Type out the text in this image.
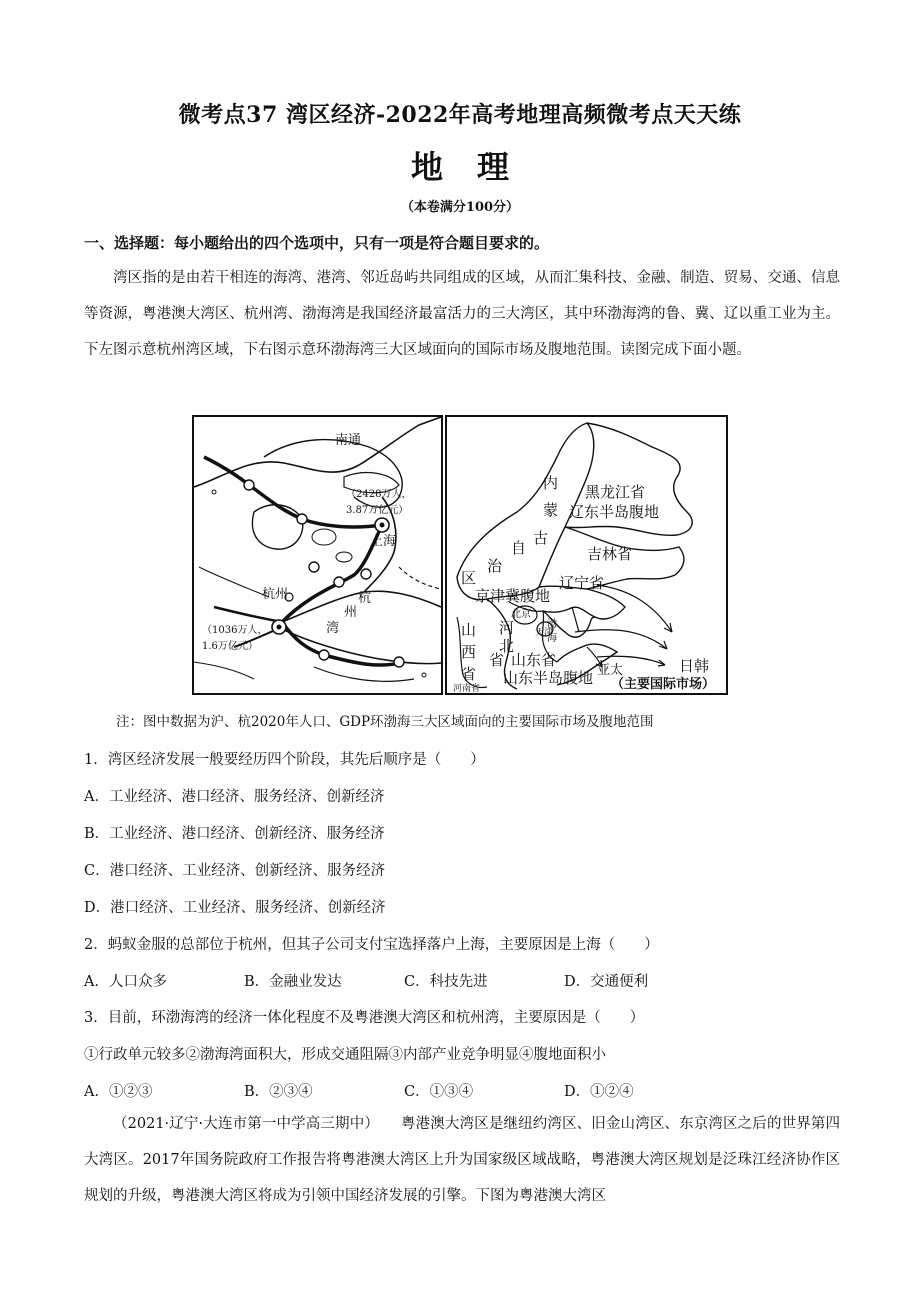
微考点37 湾区经济-2022年高考地理高频微考点天天练
地理
（本卷满分100分）
一、选择题：每小题给出的四个选项中，只有一项是符合题目要求的。
湾区指的是由若干相连的海湾、港湾、邻近岛屿共同组成的区域，从而汇集科技、金融、制造、贸易、交通、信息等资源，粤港澳大湾区、杭州湾、渤海湾是我国经济最富活力的三大湾区，其中环渤海湾的鲁、冀、辽以重工业为主。下左图示意杭州湾区域，下右图示意环渤海湾三大区域面向的国际市场及腹地范围。读图完成下面小题。
南通
（2428万人，
3.87万亿元）
上海
杭州
（1036万人，
1.6万亿元）
杭
州
湾
内
蒙
古
自
治
区
黑龙江省
辽东半岛腹地
吉林省
辽宁省
京津冀腹地
北京
天津
渤
海
河
北
省
山
西
省
山东省
山东半岛腹地
河南省
亚太	日韩
（主要国际市场）
注：图中数据为沪、杭2020年人口、GDP环渤海三大区域面向的主要国际市场及腹地范围
1．湾区经济发展一般要经历四个阶段，其先后顺序是（　　）
A．工业经济、港口经济、服务经济、创新经济
B．工业经济、港口经济、创新经济、服务经济
C．港口经济、工业经济、创新经济、服务经济
D．港口经济、工业经济、服务经济、创新经济
2．蚂蚁金服的总部位于杭州，但其子公司支付宝选择落户上海，主要原因是上海（　　）
A．人口众多	B．金融业发达	C．科技先进	D．交通便利
3．目前，环渤海湾的经济一体化程度不及粤港澳大湾区和杭州湾，主要原因是（　　）
①行政单元较多②渤海湾面积大，形成交通阻隔③内部产业竞争明显④腹地面积小
A．①②③	B．②③④	C．①③④	D．①②④
（2021·辽宁·大连市第一中学高三期中）　　粤港澳大湾区是继纽约湾区、旧金山湾区、东京湾区之后的世界第四大湾区。2017年国务院政府工作报告将粤港澳大湾区上升为国家级区域战略，粤港澳大湾区规划是泛珠江经济协作区规划的升级，粤港澳大湾区将成为引领中国经济发展的引擎。下图为粤港澳大湾区
